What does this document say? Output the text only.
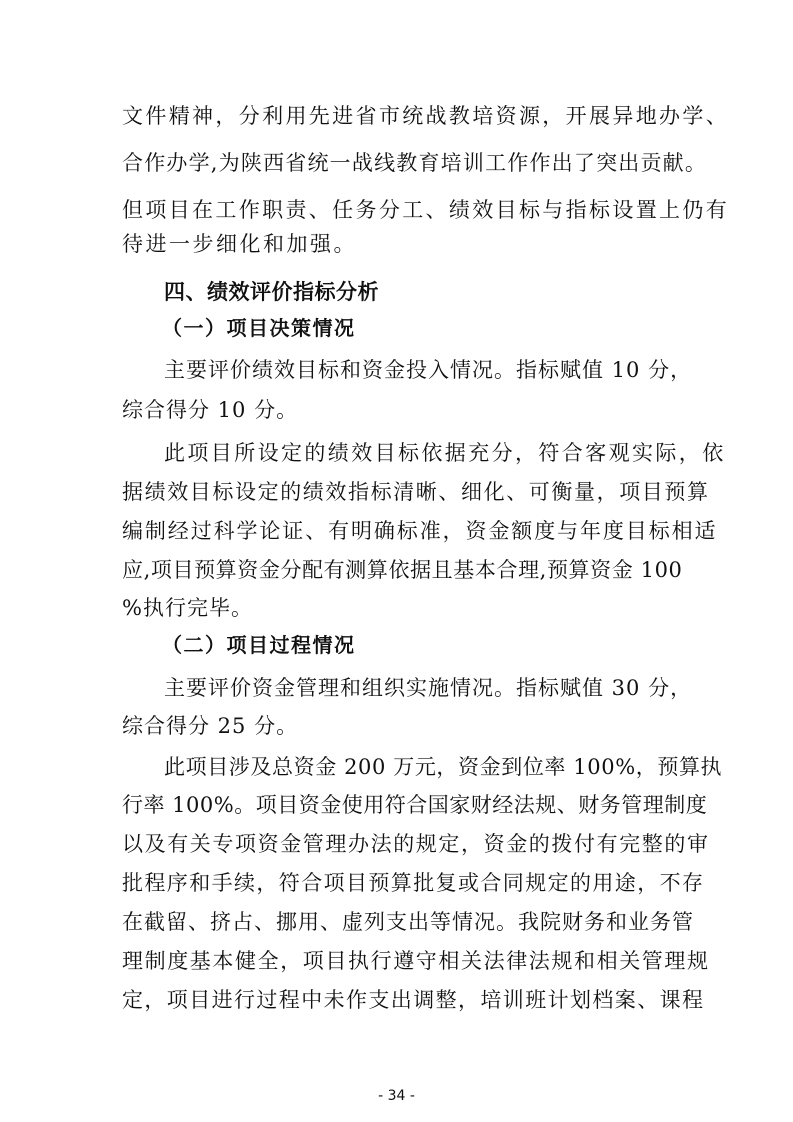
文件精神，分利用先进省市统战教培资源，开展异地办学、
合作办学,为陕西省统一战线教育培训工作作出了突出贡献。
但项目在工作职责、任务分工、绩效目标与指标设置上仍有
待进一步细化和加强。
四、绩效评价指标分析
（一）项目决策情况
主要评价绩效目标和资金投入情况。指标赋值 10 分，
综合得分 10 分。
此项目所设定的绩效目标依据充分，符合客观实际，依
据绩效目标设定的绩效指标清晰、细化、可衡量，项目预算
编制经过科学论证、有明确标准，资金额度与年度目标相适
应,项目预算资金分配有测算依据且基本合理,预算资金 100
%执行完毕。
（二）项目过程情况
主要评价资金管理和组织实施情况。指标赋值 30 分，
综合得分 25 分。
此项目涉及总资金 200 万元，资金到位率 100%，预算执
行率 100%。项目资金使用符合国家财经法规、财务管理制度
以及有关专项资金管理办法的规定，资金的拨付有完整的审
批程序和手续，符合项目预算批复或合同规定的用途，不存
在截留、挤占、挪用、虚列支出等情况。我院财务和业务管
理制度基本健全，项目执行遵守相关法律法规和相关管理规
定，项目进行过程中未作支出调整，培训班计划档案、课程
- 34 -
